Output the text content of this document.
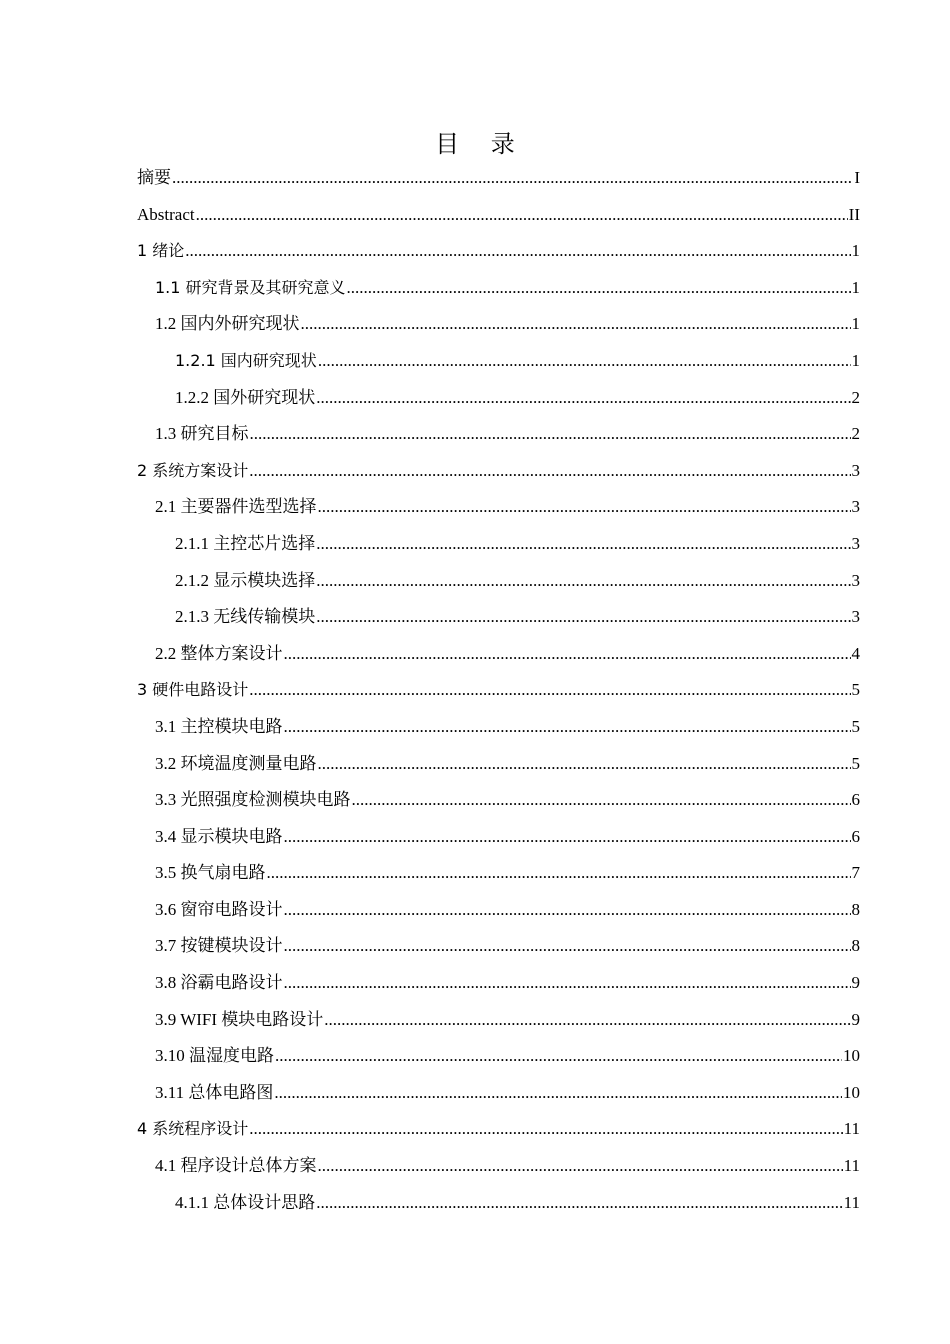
目 录
摘要 .....	I
Abstract .....	II
1 绪论 .....	1
1.1 研究背景及其研究意义 .....	1
1.2 国内外研究现状 .....	1
1.2.1 国内研究现状 .....	1
1.2.2 国外研究现状 .....	2
1.3 研究目标 .....	2
2 系统方案设计 .....	3
2.1 主要器件选型选择 .....	3
2.1.1 主控芯片选择 .....	3
2.1.2 显示模块选择 .....	3
2.1.3 无线传输模块 .....	3
2.2 整体方案设计 .....	4
3 硬件电路设计 .....	5
3.1 主控模块电路 .....	5
3.2 环境温度测量电路 .....	5
3.3 光照强度检测模块电路 .....	6
3.4 显示模块电路 .....	6
3.5 换气扇电路 .....	7
3.6 窗帘电路设计 .....	8
3.7 按键模块设计 .....	8
3.8 浴霸电路设计 .....	9
3.9 WIFI 模块电路设计 .....	9
3.10 温湿度电路 .....	10
3.11 总体电路图 .....	10
4 系统程序设计 .....	11
4.1 程序设计总体方案 .....	11
4.1.1 总体设计思路 .....	11
